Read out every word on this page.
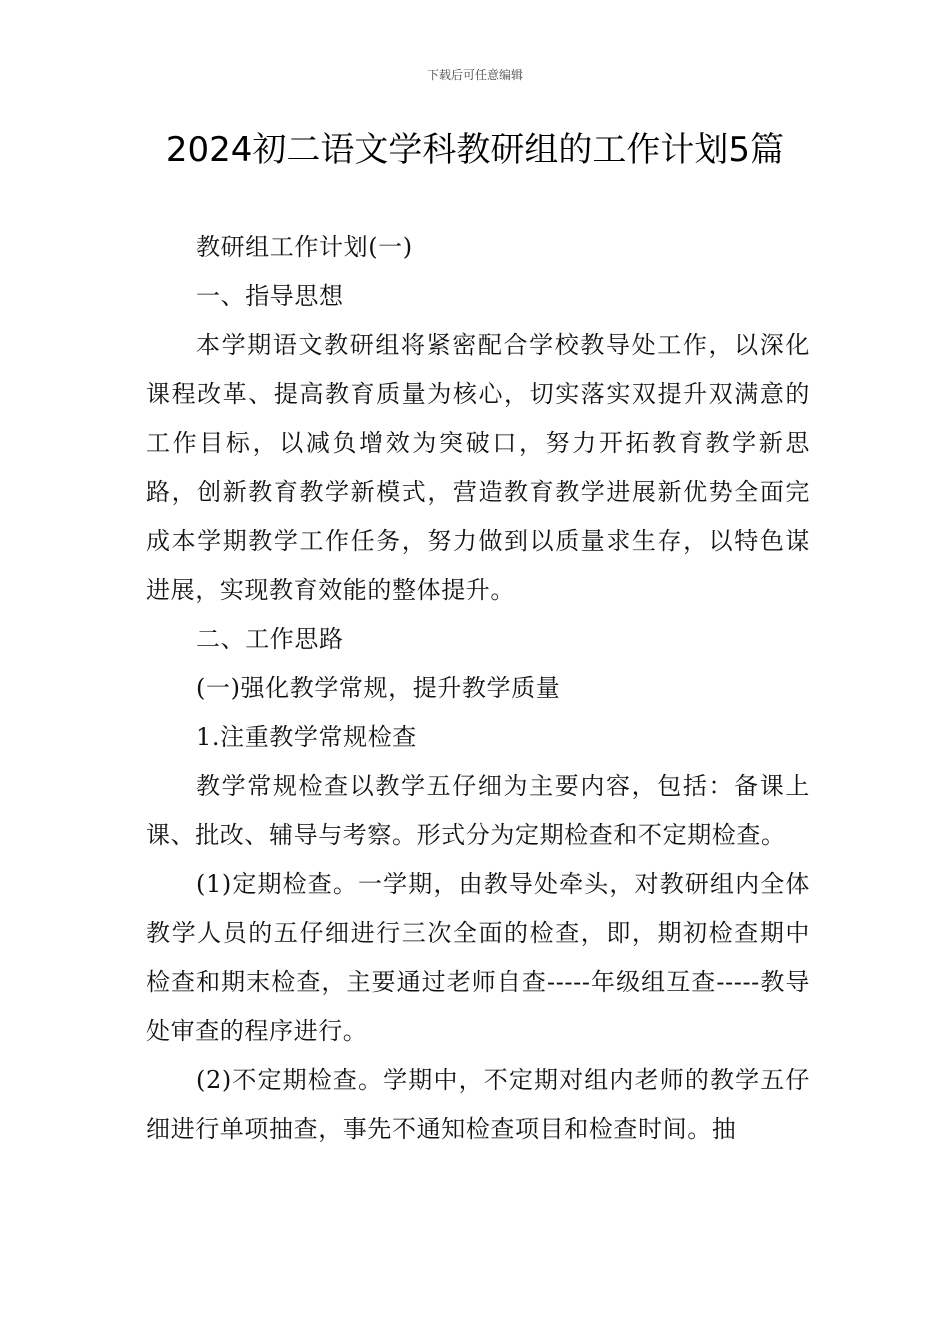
下载后可任意编辑
2024初二语文学科教研组的工作计划5篇

教研组工作计划(一)

一、指导思想

本学期语文教研组将紧密配合学校教导处工作，以深化课程改革、提高教育质量为核心，切实落实双提升双满意的工作目标，以减负增效为突破口，努力开拓教育教学新思路，创新教育教学新模式，营造教育教学进展新优势全面完成本学期教学工作任务，努力做到以质量求生存，以特色谋进展，实现教育效能的整体提升。

二、工作思路

(一)强化教学常规，提升教学质量

1.注重教学常规检查

教学常规检查以教学五仔细为主要内容，包括：备课上课、批改、辅导与考察。形式分为定期检查和不定期检查。

(1)定期检查。一学期，由教导处牵头，对教研组内全体教学人员的五仔细进行三次全面的检查，即，期初检查期中检查和期末检查，主要通过老师自查-----年级组互查-----教导处审查的程序进行。

(2)不定期检查。学期中，不定期对组内老师的教学五仔细进行单项抽查，事先不通知检查项目和检查时间。抽
